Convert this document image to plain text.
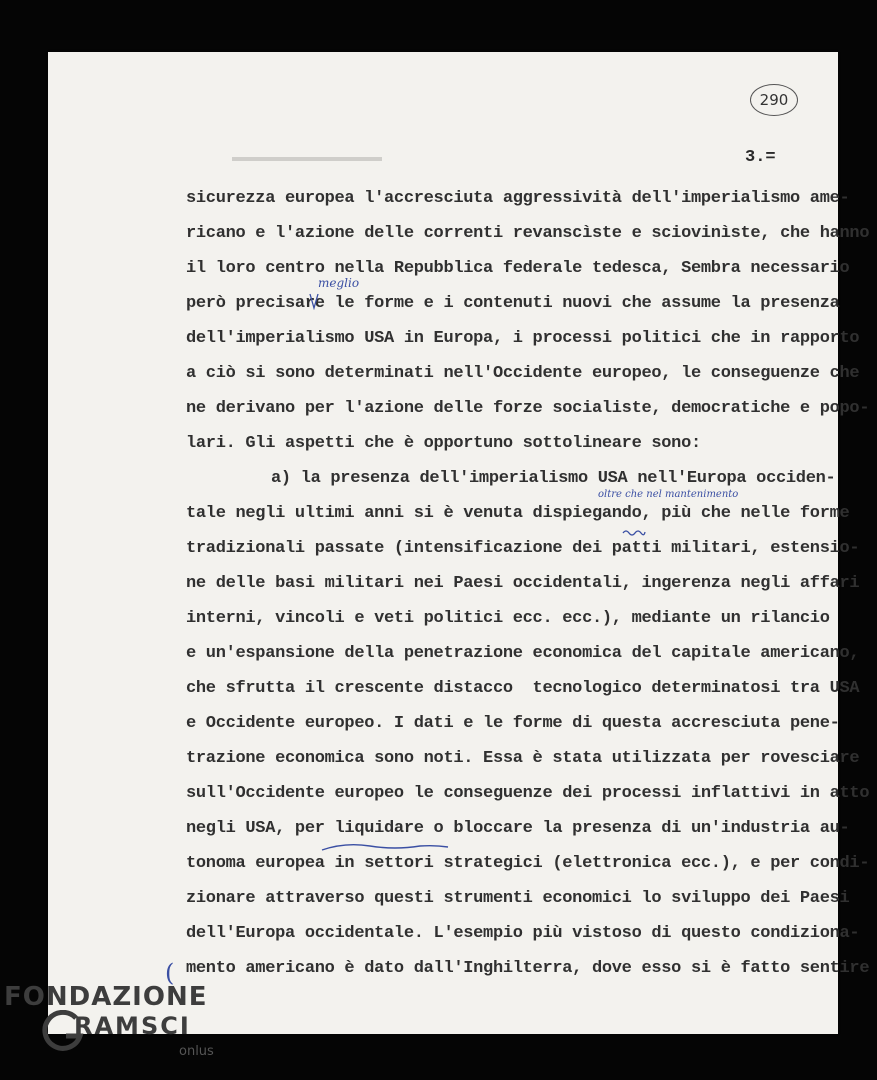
290
3.=
sicurezza europea l'accresciuta aggressività dell'imperialismo ame-
ricano e l'azione delle correnti revanscìste e sciovinìste, che hanno
il loro centro nella Repubblica federale tedesca, Sembra necessario
però precisare le forme e i contenuti nuovi che assume la presenza
dell'imperialismo USA in Europa, i processi politici che in rapporto
a ciò si sono determinati nell'Occidente europeo, le conseguenze che
ne derivano per l'azione delle forze socialiste, democratiche e popo-
lari. Gli aspetti che è opportuno sottolineare sono:
a) la presenza dell'imperialismo USA nell'Europa occiden-
tale negli ultimi anni si è venuta dispiegando, più che nelle forme
tradizionali passate (intensificazione dei patti militari, estensio-
ne delle basi militari nei Paesi occidentali, ingerenza negli affari
interni, vincoli e veti politici ecc. ecc.), mediante un rilancio
e un'espansione della penetrazione economica del capitale americano,
che sfrutta il crescente distacco  tecnologico determinatosi tra USA
e Occidente europeo. I dati e le forme di questa accresciuta pene-
trazione economica sono noti. Essa è stata utilizzata per rovesciare
sull'Occidente europeo le conseguenze dei processi inflattivi in atto
negli USA, per liquidare o bloccare la presenza di un'industria au-
tonoma europea in settori strategici (elettronica ecc.), e per condi-
zionare attraverso questi strumenti economici lo sviluppo dei Paesi
dell'Europa occidentale. L'esempio più vistoso di questo condiziona-
mento americano è dato dall'Inghilterra, dove esso si è fatto sentire
meglio
oltre che nel mantenimento
(
FONDAZIONE
RAMSCI
onlus
